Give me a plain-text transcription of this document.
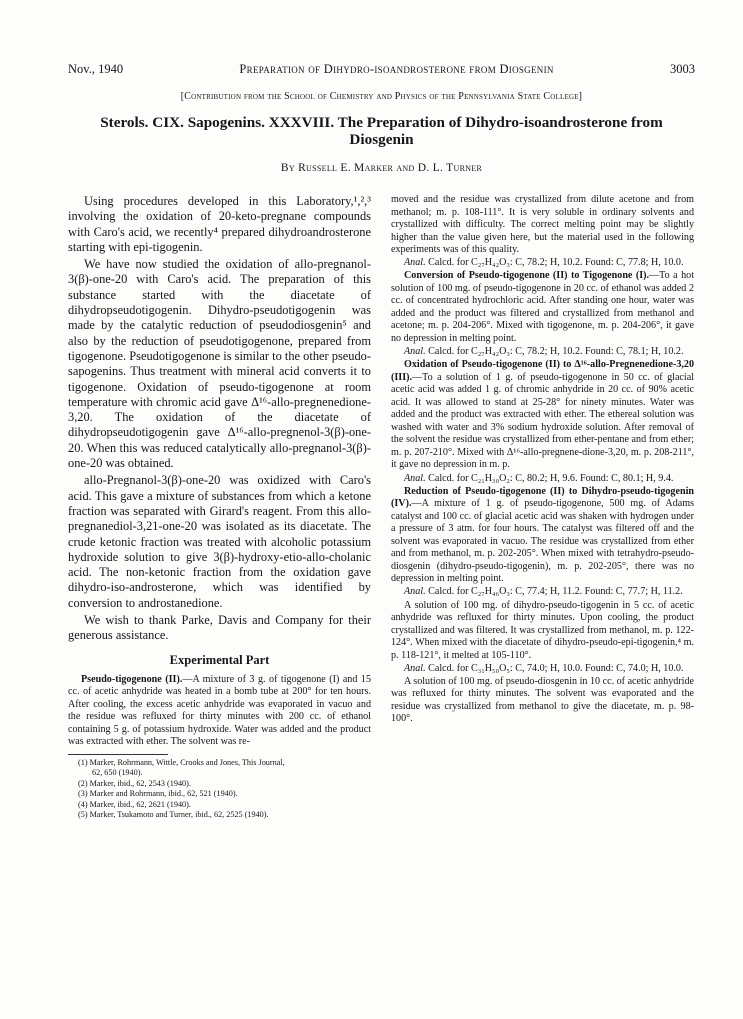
Nov., 1940	Preparation of Dihydro-isoandrosterone from Diosgenin	3003
[Contribution from the School of Chemistry and Physics of the Pennsylvania State College]
Sterols. CIX. Sapogenins. XXXVIII. The Preparation of Dihydro-isoandrosterone from Diosgenin
By Russell E. Marker and D. L. Turner

Using procedures developed in this Laboratory,¹,²,³ involving the oxidation of 20-keto-pregnane compounds with Caro's acid, we recently⁴ prepared dihydroandrosterone starting with epi-tigogenin.

We have now studied the oxidation of allo-pregnanol-3(β)-one-20 with Caro's acid. The preparation of this substance started with the diacetate of dihydropseudotigogenin. Dihydro-pseudotigogenin was made by the catalytic reduction of pseudodiosgenin⁵ and also by the reduction of pseudotigogenone, prepared from tigogenone. Pseudotigogenone is similar to the other pseudo-sapogenins. Thus treatment with mineral acid converts it to tigogenone. Oxidation of pseudo-tigogenone at room temperature with chromic acid gave Δ¹⁶-allo-pregnenedione-3,20. The oxidation of the diacetate of dihydropseudotigogenin gave Δ¹⁶-allo-pregnenol-3(β)-one-20. When this was reduced catalytically allo-pregnanol-3(β)-one-20 was obtained.

allo-Pregnanol-3(β)-one-20 was oxidized with Caro's acid. This gave a mixture of substances from which a ketone fraction was separated with Girard's reagent. From this allo-pregnanediol-3,21-one-20 was isolated as its diacetate. The crude ketonic fraction was treated with alcoholic potassium hydroxide solution to give 3(β)-hydroxy-etio-allo-cholanic acid. The non-ketonic fraction from the oxidation gave dihydro-iso-androsterone, which was identified by conversion to androstanedione.

We wish to thank Parke, Davis and Company for their generous assistance.

Experimental Part

Pseudo-tigogenone (II).—A mixture of 3 g. of tigogenone (I) and 15 cc. of acetic anhydride was heated in a bomb tube at 200° for ten hours. After cooling, the excess acetic anhydride was evaporated in vacuo and the residue was refluxed for thirty minutes with 200 cc. of ethanol containing 5 g. of potassium hydroxide. Water was added and the product was extracted with ether. The solvent was re-

(1) Marker, Rohrmann, Wittle, Crooks and Jones, This Journal,
62, 650 (1940).
(2) Marker, ibid., 62, 2543 (1940).
(3) Marker and Rohrmann, ibid., 62, 521 (1940).
(4) Marker, ibid., 62, 2621 (1940).
(5) Marker, Tsukamoto and Turner, ibid., 62, 2525 (1940).

moved and the residue was crystallized from dilute acetone and from methanol; m. p. 108-111°. It is very soluble in ordinary solvents and crystallized with difficulty. The correct melting point may be slightly higher than the value given here, but the material used in the following experiments was of this quality.

Anal. Calcd. for C₂₇H₄₂O₃: C, 78.2; H, 10.2. Found: C, 77.8; H, 10.0.

Conversion of Pseudo-tigogenone (II) to Tigogenone (I).—To a hot solution of 100 mg. of pseudo-tigogenone in 20 cc. of ethanol was added 2 cc. of concentrated hydrochloric acid. After standing one hour, water was added and the product was filtered and crystallized from methanol and acetone; m. p. 204-206°. Mixed with tigogenone, m. p. 204-206°, it gave no depression in melting point.

Anal. Calcd. for C₂₇H₄₂O₃: C, 78.2; H, 10.2. Found: C, 78.1; H, 10.2.

Oxidation of Pseudo-tigogenone (II) to Δ¹⁶-allo-Pregnenedione-3,20 (III).—To a solution of 1 g. of pseudo-tigogenone in 50 cc. of glacial acetic acid was added 1 g. of chromic anhydride in 20 cc. of 90% acetic acid. It was allowed to stand at 25-28° for ninety minutes. Water was added and the product was extracted with ether. The ethereal solution was washed with water and 3% sodium hydroxide solution. After removal of the solvent the residue was crystallized from ether-pentane and from ether; m. p. 207-210°. Mixed with Δ¹⁶-allo-pregnene-dione-3,20, m. p. 208-211°, it gave no depression in m. p.

Anal. Calcd. for C₂₁H₃₀O₂: C, 80.2; H, 9.6. Found: C, 80.1; H, 9.4.

Reduction of Pseudo-tigogenone (II) to Dihydro-pseudo-tigogenin (IV).—A mixture of 1 g. of pseudo-tigogenone, 500 mg. of Adams catalyst and 100 cc. of glacial acetic acid was shaken with hydrogen under a pressure of 3 atm. for four hours. The catalyst was filtered off and the solvent was evaporated in vacuo. The residue was crystallized from ether and from methanol, m. p. 202-205°. When mixed with tetrahydro-pseudo-diosgenin (dihydro-pseudo-tigogenin), m. p. 202-205°, there was no depression in melting point.

Anal. Calcd. for C₂₇H₄₆O₃: C, 77.4; H, 11.2. Found: C, 77.7; H, 11.2.

A solution of 100 mg. of dihydro-pseudo-tigogenin in 5 cc. of acetic anhydride was refluxed for thirty minutes. Upon cooling, the product crystallized and was filtered. It was crystallized from methanol, m. p. 122-124°. When mixed with the diacetate of dihydro-pseudo-epi-tigogenin,⁴ m. p. 118-121°, it melted at 105-110°.

Anal. Calcd. for C₃₁H₅₀O₅: C, 74.0; H, 10.0. Found: C, 74.0; H, 10.0.

A solution of 100 mg. of pseudo-diosgenin in 10 cc. of acetic anhydride was refluxed for thirty minutes. The solvent was evaporated and the residue was crystallized from methanol to give the diacetate, m. p. 98-100°.
